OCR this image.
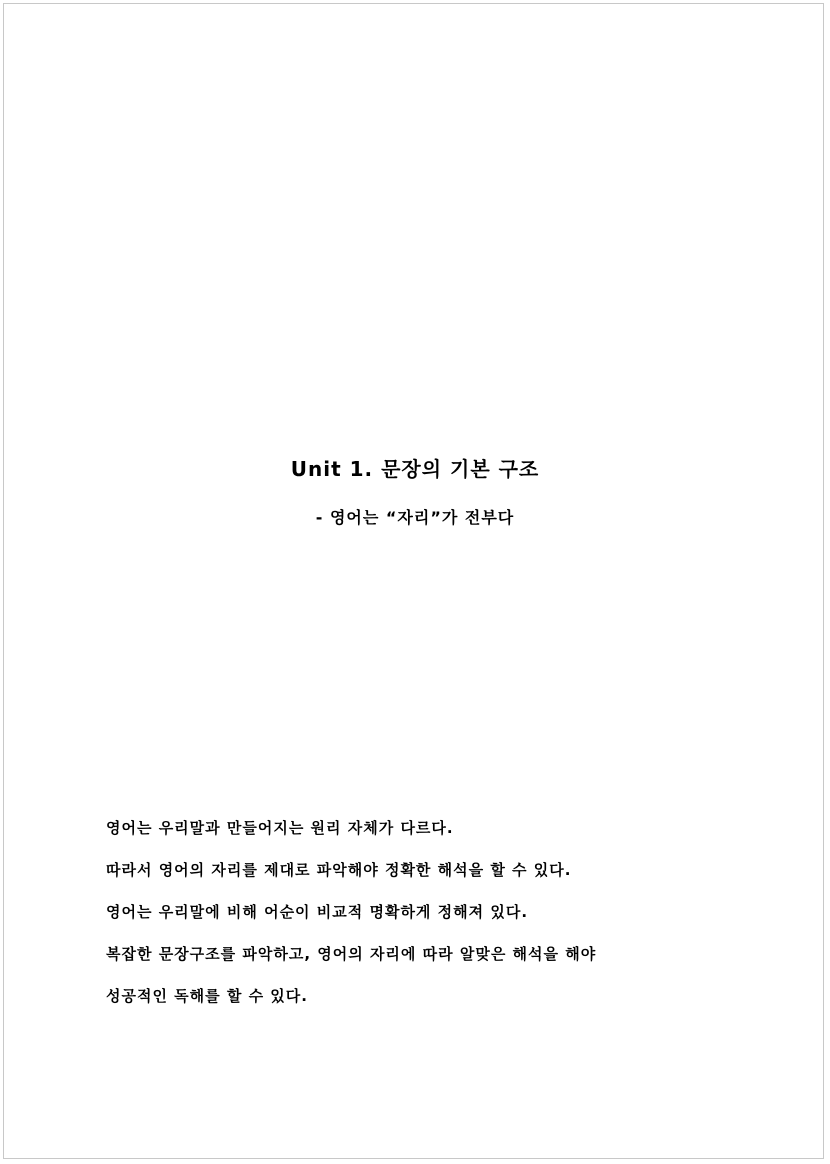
Unit 1. 문장의 기본 구조
- 영어는 “자리”가 전부다
영어는 우리말과 만들어지는 원리 자체가 다르다.
따라서 영어의 자리를 제대로 파악해야 정확한 해석을 할 수 있다.
영어는 우리말에 비해 어순이 비교적 명확하게 정해져 있다.
복잡한 문장구조를 파악하고, 영어의 자리에 따라 알맞은 해석을 해야
성공적인 독해를 할 수 있다.
